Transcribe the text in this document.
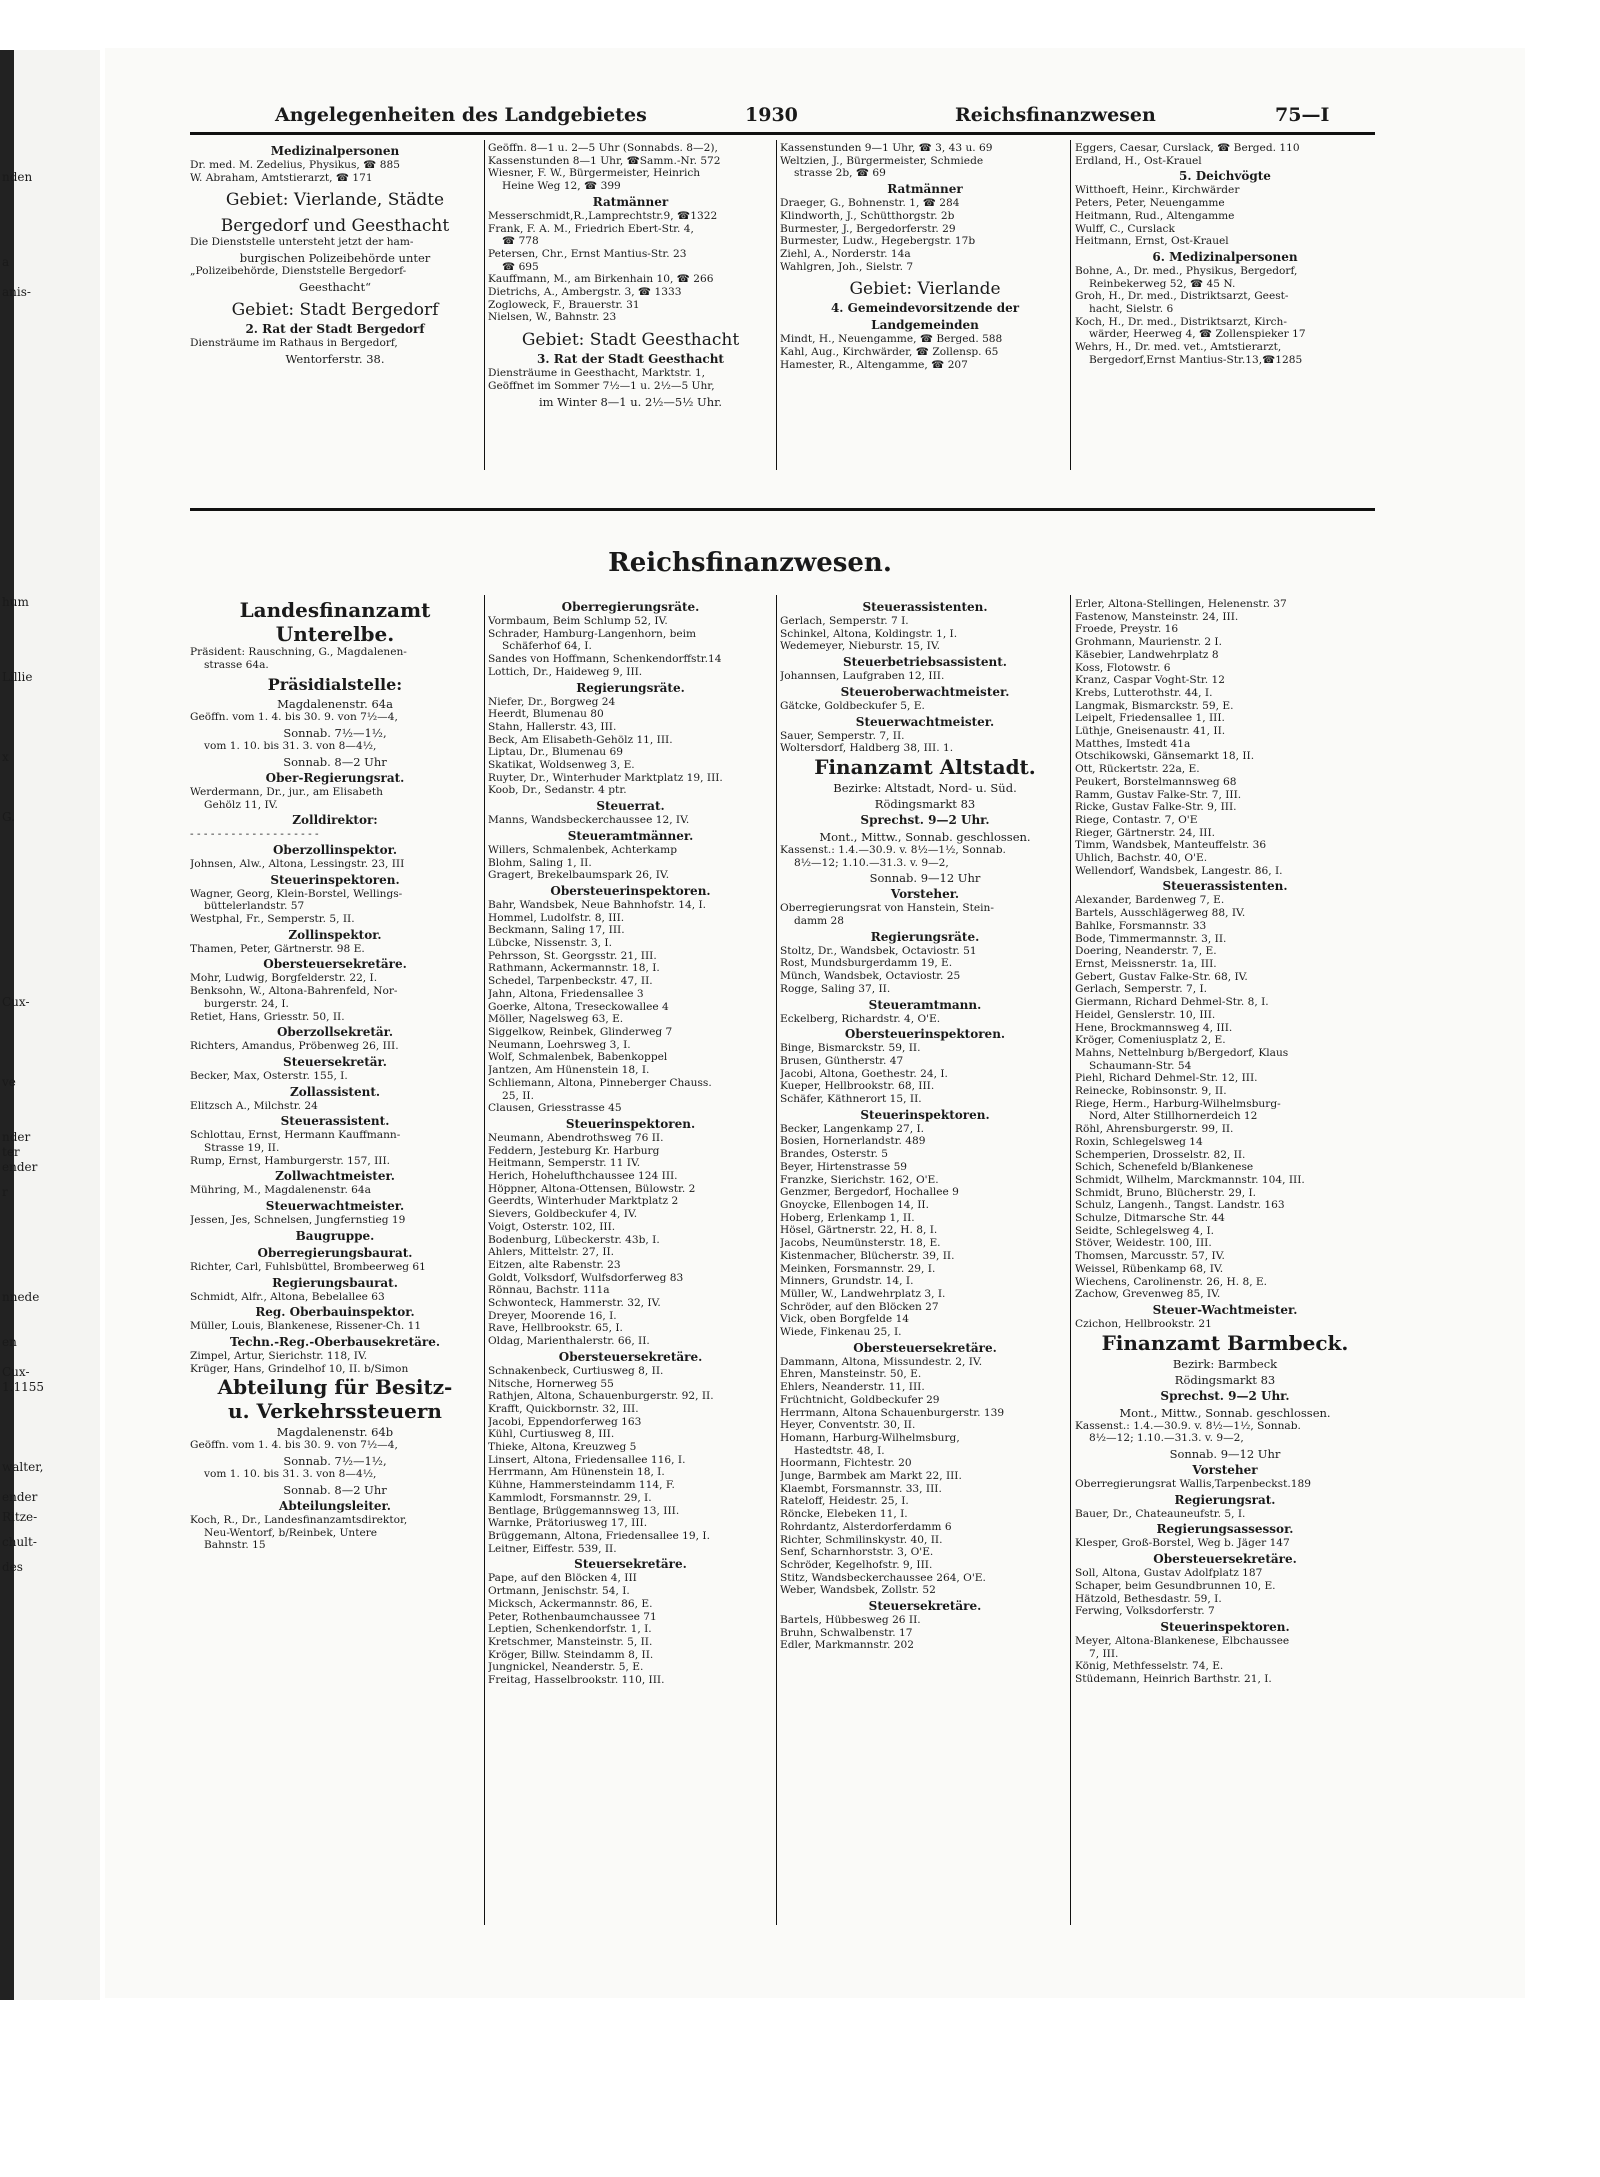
nden
a
anis-
hum
Lillie
x
G.
Cux-
ve
nder
ter
ender
r
nnede
en
Cux-
1.1155
walter,
ender
Ritze-
chult-
des
Angelegenheiten des Landgebietes	1930	Reichsfinanzwesen	75—I
Medizinalpersonen
Dr. med. M. Zedelius, Physikus, ☎ 885
W. Abraham, Amtstierarzt, ☎ 171
Gebiet: Vierlande, Städte
Bergedorf und Geesthacht
Die Dienststelle untersteht jetzt der ham-
burgischen Polizeibehörde unter
„Polizeibehörde, Dienststelle Bergedorf-
Geesthacht“
Gebiet: Stadt Bergedorf
2. Rat der Stadt Bergedorf
Diensträume im Rathaus in Bergedorf,
Wentorferstr. 38.
Geöffn. 8—1 u. 2—5 Uhr (Sonnabds. 8—2),
Kassenstunden 8—1 Uhr, ☎Samm.-Nr. 572
Wiesner, F. W., Bürgermeister, Heinrich
Heine Weg 12, ☎ 399
Ratmänner
Messerschmidt,R.,Lamprechtstr.9, ☎1322
Frank, F. A. M., Friedrich Ebert-Str. 4,
☎ 778
Petersen, Chr., Ernst Mantius-Str. 23
☎ 695
Kauffmann, M., am Birkenhain 10, ☎ 266
Dietrichs, A., Ambergstr. 3, ☎ 1333
Zogloweck, F., Brauerstr. 31
Nielsen, W., Bahnstr. 23
Gebiet: Stadt Geesthacht
3. Rat der Stadt Geesthacht
Diensträume in Geesthacht, Marktstr. 1,
Geöffnet im Sommer 7½—1 u. 2½—5 Uhr,
im Winter 8—1 u. 2½—5½ Uhr.
Kassenstunden 9—1 Uhr, ☎ 3, 43 u. 69
Weltzien, J., Bürgermeister, Schmiede
strasse 2b, ☎ 69
Ratmänner
Draeger, G., Bohnenstr. 1, ☎ 284
Klindworth, J., Schütthorgstr. 2b
Burmester, J., Bergedorferstr. 29
Burmester, Ludw., Hegebergstr. 17b
Ziehl, A., Norderstr. 14a
Wahlgren, Joh., Sielstr. 7
Gebiet: Vierlande
4. Gemeindevorsitzende der
Landgemeinden
Mindt, H., Neuengamme, ☎ Berged. 588
Kahl, Aug., Kirchwärder, ☎ Zollensp. 65
Hamester, R., Altengamme, ☎ 207
Eggers, Caesar, Curslack, ☎ Berged. 110
Erdland, H., Ost-Krauel
5. Deichvögte
Witthoeft, Heinr., Kirchwärder
Peters, Peter, Neuengamme
Heitmann, Rud., Altengamme
Wulff, C., Curslack
Heitmann, Ernst, Ost-Krauel
6. Medizinalpersonen
Bohne, A., Dr. med., Physikus, Bergedorf,
Reinbekerweg 52, ☎ 45 N.
Groh, H., Dr. med., Distriktsarzt, Geest-
hacht, Sielstr. 6
Koch, H., Dr. med., Distriktsarzt, Kirch-
wärder, Heerweg 4, ☎ Zollenspieker 17
Wehrs, H., Dr. med. vet., Amtstierarzt,
Bergedorf,Ernst Mantius-Str.13,☎1285
Reichsfinanzwesen.
Landesfinanzamt
Unterelbe.
Präsident: Rauschning, G., Magdalenen-
strasse 64a.
Präsidialstelle:
Magdalenenstr. 64a
Geöffn. vom 1. 4. bis 30. 9. von 7½—4,
Sonnab. 7½—1½,
vom 1. 10. bis 31. 3. von 8—4½,
Sonnab. 8—2 Uhr
Ober-Regierungsrat.
Werdermann, Dr., jur., am Elisabeth
Gehölz 11, IV.
Zolldirektor:
- - - - - - - - - - - - - - - - - - -
Oberzollinspektor.
Johnsen, Alw., Altona, Lessingstr. 23, III
Steuerinspektoren.
Wagner, Georg, Klein-Borstel, Wellings-
büttelerlandstr. 57
Westphal, Fr., Semperstr. 5, II.
Zollinspektor.
Thamen, Peter, Gärtnerstr. 98 E.
Obersteuersekretäre.
Mohr, Ludwig, Borgfelderstr. 22, I.
Benksohn, W., Altona-Bahrenfeld, Nor-
burgerstr. 24, I.
Retiet, Hans, Griesstr. 50, II.
Oberzollsekretär.
Richters, Amandus, Pröbenweg 26, III.
Steuersekretär.
Becker, Max, Osterstr. 155, I.
Zollassistent.
Elitzsch A., Milchstr. 24
Steuerassistent.
Schlottau, Ernst, Hermann Kauffmann-
Strasse 19, II.
Rump, Ernst, Hamburgerstr. 157, III.
Zollwachtmeister.
Mühring, M., Magdalenenstr. 64a
Steuerwachtmeister.
Jessen, Jes, Schnelsen, Jungfernstieg 19
Baugruppe.
Oberregierungsbaurat.
Richter, Carl, Fuhlsbüttel, Brombeerweg 61
Regierungsbaurat.
Schmidt, Alfr., Altona, Bebelallee 63
Reg. Oberbauinspektor.
Müller, Louis, Blankenese, Rissener-Ch. 11
Techn.-Reg.-Oberbausekretäre.
Zimpel, Artur, Sierichstr. 118, IV.
Krüger, Hans, Grindelhof 10, II. b/Simon
Abteilung für Besitz-
u. Verkehrssteuern
Magdalenenstr. 64b
Geöffn. vom 1. 4. bis 30. 9. von 7½—4,
Sonnab. 7½—1½,
vom 1. 10. bis 31. 3. von 8—4½,
Sonnab. 8—2 Uhr
Abteilungsleiter.
Koch, R., Dr., Landesfinanzamtsdirektor,
Neu-Wentorf, b/Reinbek, Untere
Bahnstr. 15
Oberregierungsräte.
Vormbaum, Beim Schlump 52, IV.
Schrader, Hamburg-Langenhorn, beim
Schäferhof 64, I.
Sandes von Hoffmann, Schenkendorffstr.14
Lottich, Dr., Haideweg 9, III.
Regierungsräte.
Niefer, Dr., Borgweg 24
Heerdt, Blumenau 80
Stahn, Hallerstr. 43, III.
Beck, Am Elisabeth-Gehölz 11, III.
Liptau, Dr., Blumenau 69
Skatikat, Woldsenweg 3, E.
Ruyter, Dr., Winterhuder Marktplatz 19, III.
Koob, Dr., Sedanstr. 4 ptr.
Steuerrat.
Manns, Wandsbeckerchaussee 12, IV.
Steueramtmänner.
Willers, Schmalenbek, Achterkamp
Blohm, Saling 1, II.
Gragert, Brekelbaumspark 26, IV.
Obersteuerinspektoren.
Bahr, Wandsbek, Neue Bahnhofstr. 14, I.
Hommel, Ludolfstr. 8, III.
Beckmann, Saling 17, III.
Lübcke, Nissenstr. 3, I.
Pehrsson, St. Georgsstr. 21, III.
Rathmann, Ackermannstr. 18, I.
Schedel, Tarpenbeckstr. 47, II.
Jahn, Altona, Friedensallee 3
Goerke, Altona, Treseckowallee 4
Möller, Nagelsweg 63, E.
Siggelkow, Reinbek, Glinderweg 7
Neumann, Loehrsweg 3, I.
Wolf, Schmalenbek, Babenkoppel
Jantzen, Am Hünenstein 18, I.
Schliemann, Altona, Pinneberger Chauss.
25, II.
Clausen, Griesstrasse 45
Steuerinspektoren.
Neumann, Abendrothsweg 76 II.
Feddern, Jesteburg Kr. Harburg
Heitmann, Semperstr. 11 IV.
Herich, Hohelufthchaussee 124 III.
Höppner, Altona-Ottensen, Bülowstr. 2
Geerdts, Winterhuder Marktplatz 2
Sievers, Goldbeckufer 4, IV.
Voigt, Osterstr. 102, III.
Bodenburg, Lübeckerstr. 43b, I.
Ahlers, Mittelstr. 27, II.
Eitzen, alte Rabenstr. 23
Goldt, Volksdorf, Wulfsdorferweg 83
Rönnau, Bachstr. 111a
Schwonteck, Hammerstr. 32, IV.
Dreyer, Moorende 16, I.
Rave, Hellbrookstr. 65, I.
Oldag, Marienthalerstr. 66, II.
Obersteuersekretäre.
Schnakenbeck, Curtiusweg 8, II.
Nitsche, Hornerweg 55
Rathjen, Altona, Schauenburgerstr. 92, II.
Krafft, Quickbornstr. 32, III.
Jacobi, Eppendorferweg 163
Kühl, Curtiusweg 8, III.
Thieke, Altona, Kreuzweg 5
Linsert, Altona, Friedensallee 116, I.
Herrmann, Am Hünenstein 18, I.
Kühne, Hammersteindamm 114, F.
Kammlodt, Forsmannstr. 29, I.
Bentlage, Brüggemannsweg 13, III.
Warnke, Prätoriusweg 17, III.
Brüggemann, Altona, Friedensallee 19, I.
Leitner, Eiffestr. 539, II.
Steuersekretäre.
Pape, auf den Blöcken 4, III
Ortmann, Jenischstr. 54, I.
Micksch, Ackermannstr. 86, E.
Peter, Rothenbaumchaussee 71
Leptien, Schenkendorfstr. 1, I.
Kretschmer, Mansteinstr. 5, II.
Kröger, Billw. Steindamm 8, II.
Jungnickel, Neanderstr. 5, E.
Freitag, Hasselbrookstr. 110, III.
Steuerassistenten.
Gerlach, Semperstr. 7 I.
Schinkel, Altona, Koldingstr. 1, I.
Wedemeyer, Nieburstr. 15, IV.
Steuerbetriebsassistent.
Johannsen, Laufgraben 12, III.
Steueroberwachtmeister.
Gätcke, Goldbeckufer 5, E.
Steuerwachtmeister.
Sauer, Semperstr. 7, II.
Woltersdorf, Haldberg 38, III. 1.
Finanzamt Altstadt.
Bezirke: Altstadt, Nord- u. Süd.
Rödingsmarkt 83
Sprechst. 9—2 Uhr.
Mont., Mittw., Sonnab. geschlossen.
Kassenst.: 1.4.—30.9. v. 8½—1½, Sonnab.
8½—12; 1.10.—31.3. v. 9—2,
Sonnab. 9—12 Uhr
Vorsteher.
Oberregierungsrat von Hanstein, Stein-
damm 28
Regierungsräte.
Stoltz, Dr., Wandsbek, Octaviostr. 51
Rost, Mundsburgerdamm 19, E.
Münch, Wandsbek, Octaviostr. 25
Rogge, Saling 37, II.
Steueramtmann.
Eckelberg, Richardstr. 4, O'E.
Obersteuerinspektoren.
Binge, Bismarckstr. 59, II.
Brusen, Güntherstr. 47
Jacobi, Altona, Goethestr. 24, I.
Kueper, Hellbrookstr. 68, III.
Schäfer, Käthnerort 15, II.
Steuerinspektoren.
Becker, Langenkamp 27, I.
Bosien, Hornerlandstr. 489
Brandes, Osterstr. 5
Beyer, Hirtenstrasse 59
Franzke, Sierichstr. 162, O'E.
Genzmer, Bergedorf, Hochallee 9
Gnoycke, Ellenbogen 14, II.
Hoberg, Erlenkamp 1, II.
Hösel, Gärtnerstr. 22, H. 8, I.
Jacobs, Neumünsterstr. 18, E.
Kistenmacher, Blücherstr. 39, II.
Meinken, Forsmannstr. 29, I.
Minners, Grundstr. 14, I.
Müller, W., Landwehrplatz 3, I.
Schröder, auf den Blöcken 27
Vick, oben Borgfelde 14
Wiede, Finkenau 25, I.
Obersteuersekretäre.
Dammann, Altona, Missundestr. 2, IV.
Ehren, Mansteinstr. 50, E.
Ehlers, Neanderstr. 11, III.
Früchtnicht, Goldbeckufer 29
Herrmann, Altona Schauenburgerstr. 139
Heyer, Conventstr. 30, II.
Homann, Harburg-Wilhelmsburg,
Hastedtstr. 48, I.
Hoormann, Fichtestr. 20
Junge, Barmbek am Markt 22, III.
Klaembt, Forsmannstr. 33, III.
Rateloff, Heidestr. 25, I.
Röncke, Elebeken 11, I.
Rohrdantz, Alsterdorferdamm 6
Richter, Schmilinskystr. 40, II.
Senf, Scharnhorststr. 3, O'E.
Schröder, Kegelhofstr. 9, III.
Stitz, Wandsbeckerchaussee 264, O'E.
Weber, Wandsbek, Zollstr. 52
Steuersekretäre.
Bartels, Hübbesweg 26 II.
Bruhn, Schwalbenstr. 17
Edler, Markmannstr. 202
Erler, Altona-Stellingen, Helenenstr. 37
Fastenow, Mansteinstr. 24, III.
Froede, Preystr. 16
Grohmann, Maurienstr. 2 I.
Käsebier, Landwehrplatz 8
Koss, Flotowstr. 6
Kranz, Caspar Voght-Str. 12
Krebs, Lutterothstr. 44, I.
Langmak, Bismarckstr. 59, E.
Leipelt, Friedensallee 1, III.
Lüthje, Gneisenaustr. 41, II.
Matthes, Imstedt 41a
Otschikowski, Gänsemarkt 18, II.
Ott, Rückertstr. 22a, E.
Peukert, Borstelmannsweg 68
Ramm, Gustav Falke-Str. 7, III.
Ricke, Gustav Falke-Str. 9, III.
Riege, Contastr. 7, O'E
Rieger, Gärtnerstr. 24, III.
Timm, Wandsbek, Manteuffelstr. 36
Uhlich, Bachstr. 40, O'E.
Wellendorf, Wandsbek, Langestr. 86, I.
Steuerassistenten.
Alexander, Bardenweg 7, E.
Bartels, Ausschlägerweg 88, IV.
Bahlke, Forsmannstr. 33
Bode, Timmermannstr. 3, II.
Doering, Neanderstr. 7, E.
Ernst, Meissnerstr. 1a, III.
Gebert, Gustav Falke-Str. 68, IV.
Gerlach, Semperstr. 7, I.
Giermann, Richard Dehmel-Str. 8, I.
Heidel, Genslerstr. 10, III.
Hene, Brockmannsweg 4, III.
Kröger, Comeniusplatz 2, E.
Mahns, Nettelnburg b/Bergedorf, Klaus
Schaumann-Str. 54
Piehl, Richard Dehmel-Str. 12, III.
Reinecke, Robinsonstr. 9, II.
Riege, Herm., Harburg-Wilhelmsburg-
Nord, Alter Stillhornerdeich 12
Röhl, Ahrensburgerstr. 99, II.
Roxin, Schlegelsweg 14
Schemperien, Drosselstr. 82, II.
Schich, Schenefeld b/Blankenese
Schmidt, Wilhelm, Marckmannstr. 104, III.
Schmidt, Bruno, Blücherstr. 29, I.
Schulz, Langenh., Tangst. Landstr. 163
Schulze, Ditmarsche Str. 44
Seidte, Schlegelsweg 4, I.
Stöver, Weidestr. 100, III.
Thomsen, Marcusstr. 57, IV.
Weissel, Rübenkamp 68, IV.
Wiechens, Carolinenstr. 26, H. 8, E.
Zachow, Grevenweg 85, IV.
Steuer-Wachtmeister.
Czichon, Hellbrookstr. 21
Finanzamt Barmbeck.
Bezirk: Barmbeck
Rödingsmarkt 83
Sprechst. 9—2 Uhr.
Mont., Mittw., Sonnab. geschlossen.
Kassenst.: 1.4.—30.9. v. 8½—1½, Sonnab.
8½—12; 1.10.—31.3. v. 9—2,
Sonnab. 9—12 Uhr
Vorsteher
Oberregierungsrat Wallis,Tarpenbeckst.189
Regierungsrat.
Bauer, Dr., Chateauneufstr. 5, I.
Regierungsassessor.
Klesper, Groß-Borstel, Weg b. Jäger 147
Obersteuersekretäre.
Soll, Altona, Gustav Adolfplatz 187
Schaper, beim Gesundbrunnen 10, E.
Hätzold, Bethesdastr. 59, I.
Ferwing, Volksdorferstr. 7
Steuerinspektoren.
Meyer, Altona-Blankenese, Elbchaussee
7, III.
König, Methfesselstr. 74, E.
Stüdemann, Heinrich Barthstr. 21, I.
